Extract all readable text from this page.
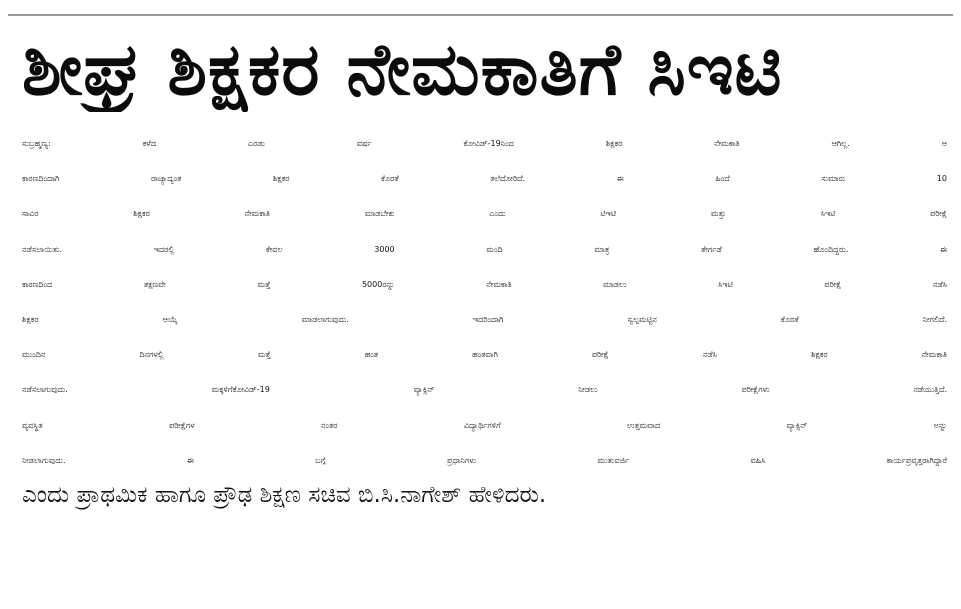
ಶೀಘ್ರ ಶಿಕ್ಷಕರ ನೇಮಕಾತಿಗೆ ಸಿಇಟಿ
ಸುಬ್ರಹ್ಮಣ್ಯ: ಕಳೆದ ಎರಡು ವರ್ಷ ಕೋವಿಡ್-19ನಿಂದ ಶಿಕ್ಷಕರ ನೇಮಕಾತಿ ಆಗಿಲ್ಲ. ಆ
ಕಾರಣದಿಂದಾಗಿ ರಾಜ್ಯಾದ್ಯಂತ ಶಿಕ್ಷಕರ ಕೊರತೆ ತಲೆದೋರಿದೆ. ಈ ಹಿಂದೆ ಸುಮಾರು 10
ಸಾವಿರ ಶಿಕ್ಷಕರ ನೇಮಕಾತಿ ಮಾಡಬೇಕು ಎಂದು ಟಿಇಟಿ ಮತ್ತು ಸಿಇಟಿ ಪರೀಕ್ಷೆ
ನಡೆಸಲಾಯಿತು. ಇದರಲ್ಲಿ ಕೇವಲ 3000 ಮಂದಿ ಮಾತ್ರ ತೇರ್ಗಡೆ ಹೊಂದಿದ್ದರು. ಈ
ಕಾರಣದಿಂದ ತಕ್ಷಣವೇ ಮತ್ತೆ 5000ರನ್ನು ನೇಮಕಾತಿ ಮಾಡಲು ಸಿಇಟಿ ಪರೀಕ್ಷೆ ನಡೆಸಿ
ಶಿಕ್ಷಕರ ಆಯ್ಕೆ ಮಾಡಲಾಗುವುದು. ಇದರಿಂದಾಗಿ ಸ್ವಲ್ಪಮಟ್ಟಿನ ಕೊರತೆ ನೀಗಲಿದೆ.
ಮುಂದಿನ ದಿನಗಳಲ್ಲಿ ಮತ್ತೆ ಹಂತ ಹಂತವಾಗಿ ಪರೀಕ್ಷೆ ನಡೆಸಿ ಶಿಕ್ಷಕರ ನೇಮಕಾತಿ
ನಡೆಸಲಾಗುವುದು. ಮಕ್ಕಳಿಗೆಕೋವಿಡ್-19 ವ್ಯಾಕ್ಸಿನ್ ನೀಡಲು ಪರೀಕ್ಷೆಗಳು ನಡೆಯುತ್ತಿದೆ.
ವ್ಯವಸ್ಥಿತ ಪರೀಕ್ಷೆಗಳ ನಂತರ ವಿದ್ಯಾರ್ಥಿಗಳಿಗೆ ಉತ್ತಮವಾದ ವ್ಯಾಕ್ಸಿನ್ ಅನ್ನು
ನೀಡಲಾಗುವುದು. ಈ ಬಗ್ಗೆ ಪ್ರಧಾನಿಗಳು ಮುತುವರ್ಜಿ ವಹಿಸಿ ಕಾರ್ಯಪ್ರವೃತ್ತರಾಗಿದ್ದಾರೆ
ಎಂದು ಪ್ರಾಥಮಿಕ ಹಾಗೂ ಪ್ರೌಢ ಶಿಕ್ಷಣ ಸಚಿವ ಬಿ.ಸಿ.ನಾಗೇಶ್ ಹೇಳಿದರು.
